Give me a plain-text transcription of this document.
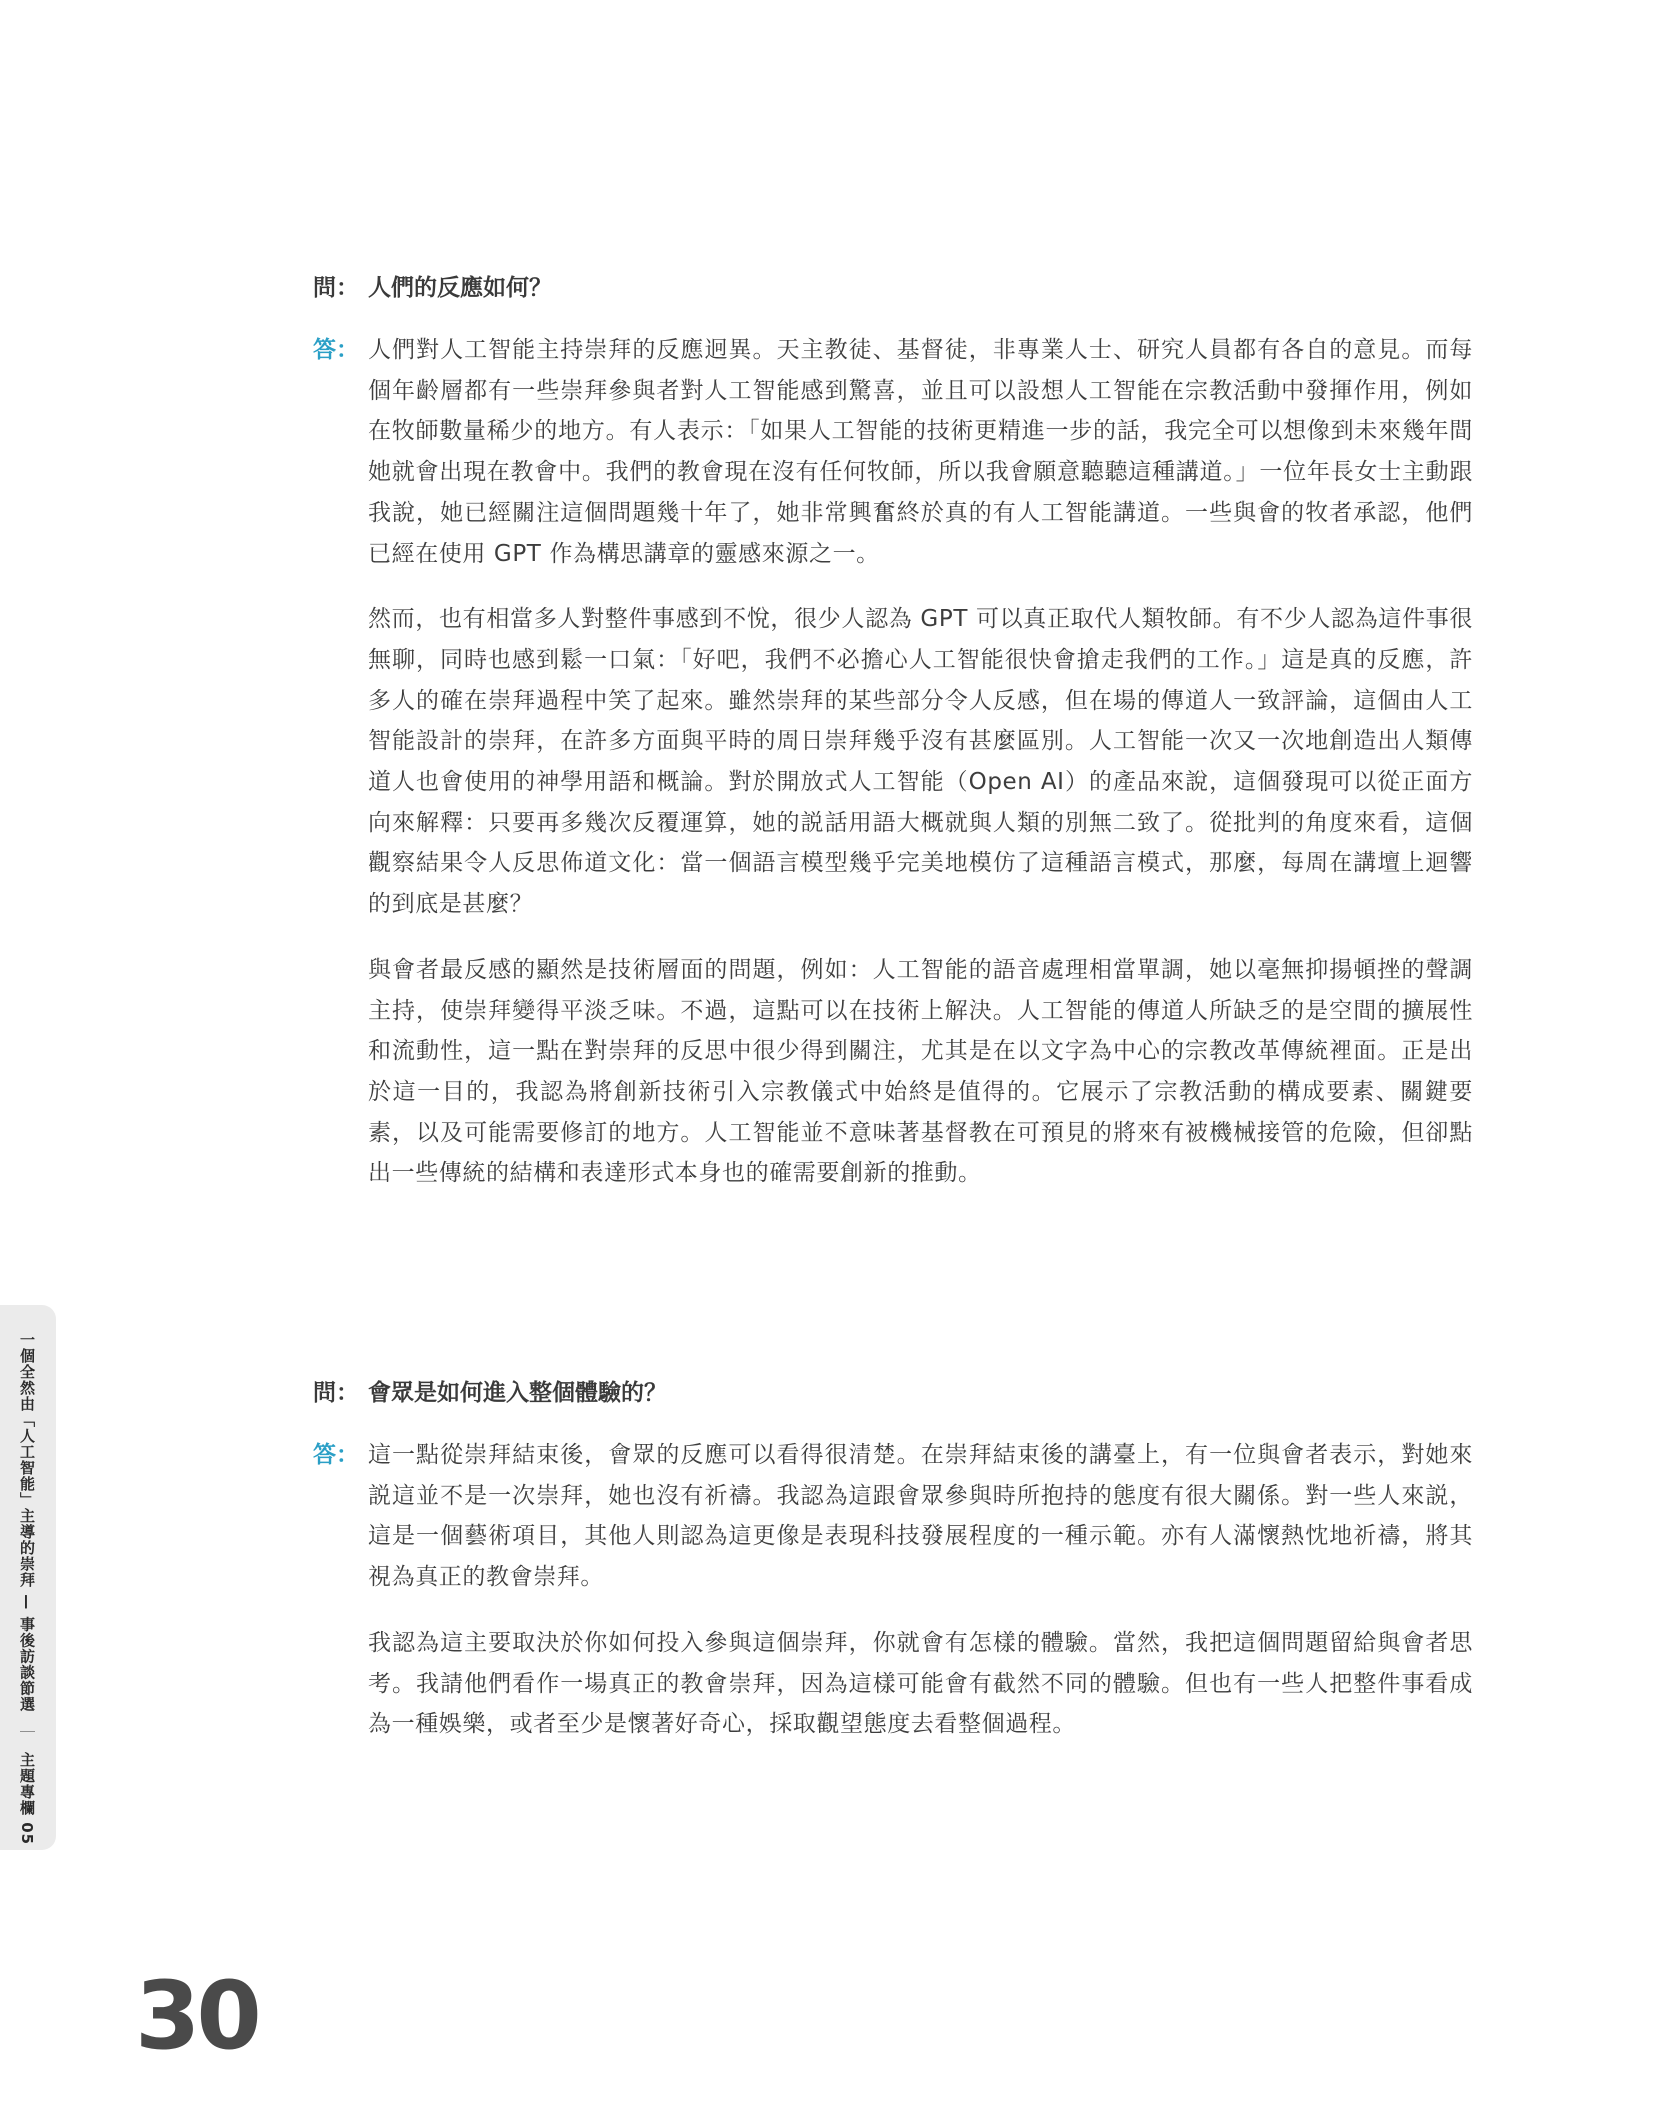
問： 人們的反應如何？
答： 人們對人工智能主持崇拜的反應迥異。天主教徒、基督徒，非專業人士、研究人員都有各自的意見。而每個年齡層都有一些崇拜參與者對人工智能感到驚喜，並且可以設想人工智能在宗教活動中發揮作用，例如在牧師數量稀少的地方。有人表示：「如果人工智能的技術更精進一步的話，我完全可以想像到未來幾年間她就會出現在教會中。我們的教會現在沒有任何牧師，所以我會願意聽聽這種講道。」一位年長女士主動跟我說，她已經關注這個問題幾十年了，她非常興奮終於真的有人工智能講道。一些與會的牧者承認，他們已經在使用 GPT 作為構思講章的靈感來源之一。

然而，也有相當多人對整件事感到不悅，很少人認為 GPT 可以真正取代人類牧師。有不少人認為這件事很無聊，同時也感到鬆一口氣：「好吧，我們不必擔心人工智能很快會搶走我們的工作。」這是真的反應，許多人的確在崇拜過程中笑了起來。雖然崇拜的某些部分令人反感，但在場的傳道人一致評論，這個由人工智能設計的崇拜，在許多方面與平時的周日崇拜幾乎沒有甚麼區別。人工智能一次又一次地創造出人類傳道人也會使用的神學用語和概論。對於開放式人工智能（Open AI）的產品來說，這個發現可以從正面方向來解釋：只要再多幾次反覆運算，她的説話用語大概就與人類的別無二致了。從批判的角度來看，這個觀察結果令人反思佈道文化：當一個語言模型幾乎完美地模仿了這種語言模式，那麼，每周在講壇上迴響的到底是甚麼？

與會者最反感的顯然是技術層面的問題，例如：人工智能的語音處理相當單調，她以毫無抑揚頓挫的聲調主持，使崇拜變得平淡乏味。不過，這點可以在技術上解決。人工智能的傳道人所缺乏的是空間的擴展性和流動性，這一點在對崇拜的反思中很少得到關注，尤其是在以文字為中心的宗教改革傳統裡面。正是出於這一目的，我認為將創新技術引入宗教儀式中始終是值得的。它展示了宗教活動的構成要素、關鍵要素，以及可能需要修訂的地方。人工智能並不意味著基督教在可預見的將來有被機械接管的危險，但卻點出一些傳統的結構和表達形式本身也的確需要創新的推動。

問： 會眾是如何進入整個體驗的？
答： 這一點從崇拜結束後，會眾的反應可以看得很清楚。在崇拜結束後的講臺上，有一位與會者表示，對她來説這並不是一次崇拜，她也沒有祈禱。我認為這跟會眾參與時所抱持的態度有很大關係。對一些人來説，這是一個藝術項目，其他人則認為這更像是表現科技發展程度的一種示範。亦有人滿懷熱忱地祈禱，將其視為真正的教會崇拜。

我認為這主要取決於你如何投入參與這個崇拜，你就會有怎樣的體驗。當然，我把這個問題留給與會者思考。我請他們看作一場真正的教會崇拜，因為這樣可能會有截然不同的體驗。但也有一些人把整件事看成為一種娛樂，或者至少是懷著好奇心，採取觀望態度去看整個過程。

一個全然由「人工智能」主導的崇拜 — 事後訪談節選 ｜ 主題專欄 05
30
